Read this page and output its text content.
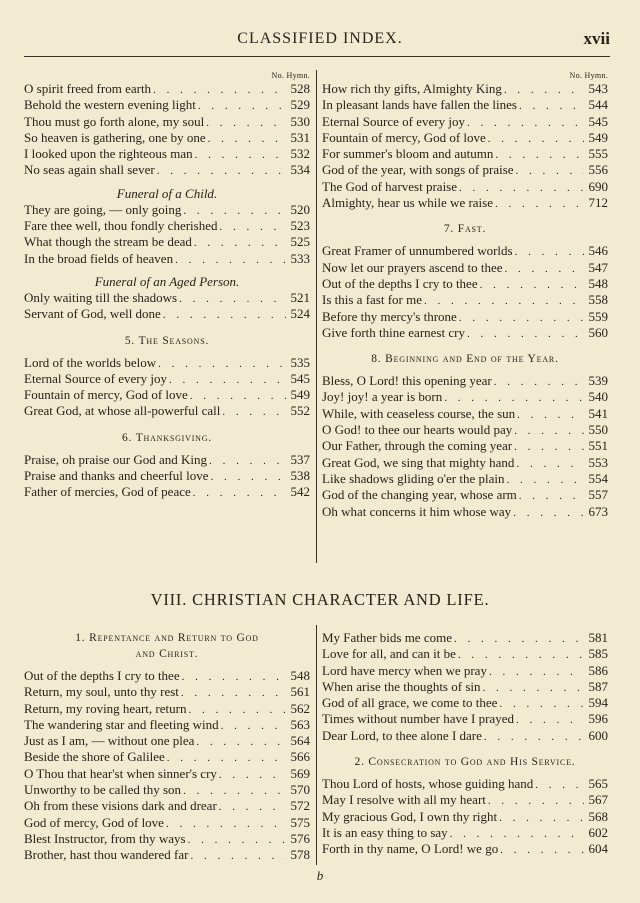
CLASSIFIED INDEX.	xvii
No. Hymn.
O spirit freed from earth . . .	528
Behold the western evening light . . .	529
Thou must go forth alone, my soul . . .	530
So heaven is gathering, one by one . . .	531
I looked upon the righteous man . . .	532
No seas again shall sever . . .	534
Funeral of a Child.
They are going, — only going . . .	520
Fare thee well, thou fondly cherished . . .	523
What though the stream be dead . . .	525
In the broad fields of heaven . . .	533
Funeral of an Aged Person.
Only waiting till the shadows . . .	521
Servant of God, well done . . .	524
5. The Seasons.
Lord of the worlds below . . .	535
Eternal Source of every joy . . .	545
Fountain of mercy, God of love . . .	549
Great God, at whose all-powerful call . . .	552
6. Thanksgiving.
Praise, oh praise our God and King . . .	537
Praise and thanks and cheerful love . . .	538
Father of mercies, God of peace . . .	542
No. Hymn.
How rich thy gifts, Almighty King . . .	543
In pleasant lands have fallen the lines . . .	544
Eternal Source of every joy . . .	545
Fountain of mercy, God of love . . .	549
For summer's bloom and autumn . . .	555
God of the year, with songs of praise . . .	556
The God of harvest praise . . .	690
Almighty, hear us while we raise . . .	712
7. Fast.
Great Framer of unnumbered worlds . . .	546
Now let our prayers ascend to thee . . .	547
Out of the depths I cry to thee . . .	548
Is this a fast for me . . .	558
Before thy mercy's throne . . .	559
Give forth thine earnest cry . . .	560
8. Beginning and End of the Year.
Bless, O Lord! this opening year . . .	539
Joy! joy! a year is born . . .	540
While, with ceaseless course, the sun . . .	541
O God! to thee our hearts would pay . . .	550
Our Father, through the coming year . . .	551
Great God, we sing that mighty hand . . .	553
Like shadows gliding o'er the plain . . .	554
God of the changing year, whose arm . . .	557
Oh what concerns it him whose way . . .	673
VIII. CHRISTIAN CHARACTER AND LIFE.
1. Repentance and Return to God
and Christ.
Out of the depths I cry to thee . . .	548
Return, my soul, unto thy rest . . .	561
Return, my roving heart, return . . .	562
The wandering star and fleeting wind . . .	563
Just as I am, — without one plea . . .	564
Beside the shore of Galilee . . .	566
O Thou that hear'st when sinner's cry . . .	569
Unworthy to be called thy son . . .	570
Oh from these visions dark and drear . . .	572
God of mercy, God of love . . .	575
Blest Instructor, from thy ways . . .	576
Brother, hast thou wandered far . . .	578
My Father bids me come . . .	581
Love for all, and can it be . . .	585
Lord have mercy when we pray . . .	586
When arise the thoughts of sin . . .	587
God of all grace, we come to thee . . .	594
Times without number have I prayed . . .	596
Dear Lord, to thee alone I dare . . .	600
2. Consecration to God and His Service.
Thou Lord of hosts, whose guiding hand . . .	565
May I resolve with all my heart . . .	567
My gracious God, I own thy right . . .	568
It is an easy thing to say . . .	602
Forth in thy name, O Lord! we go . . .	604
b
